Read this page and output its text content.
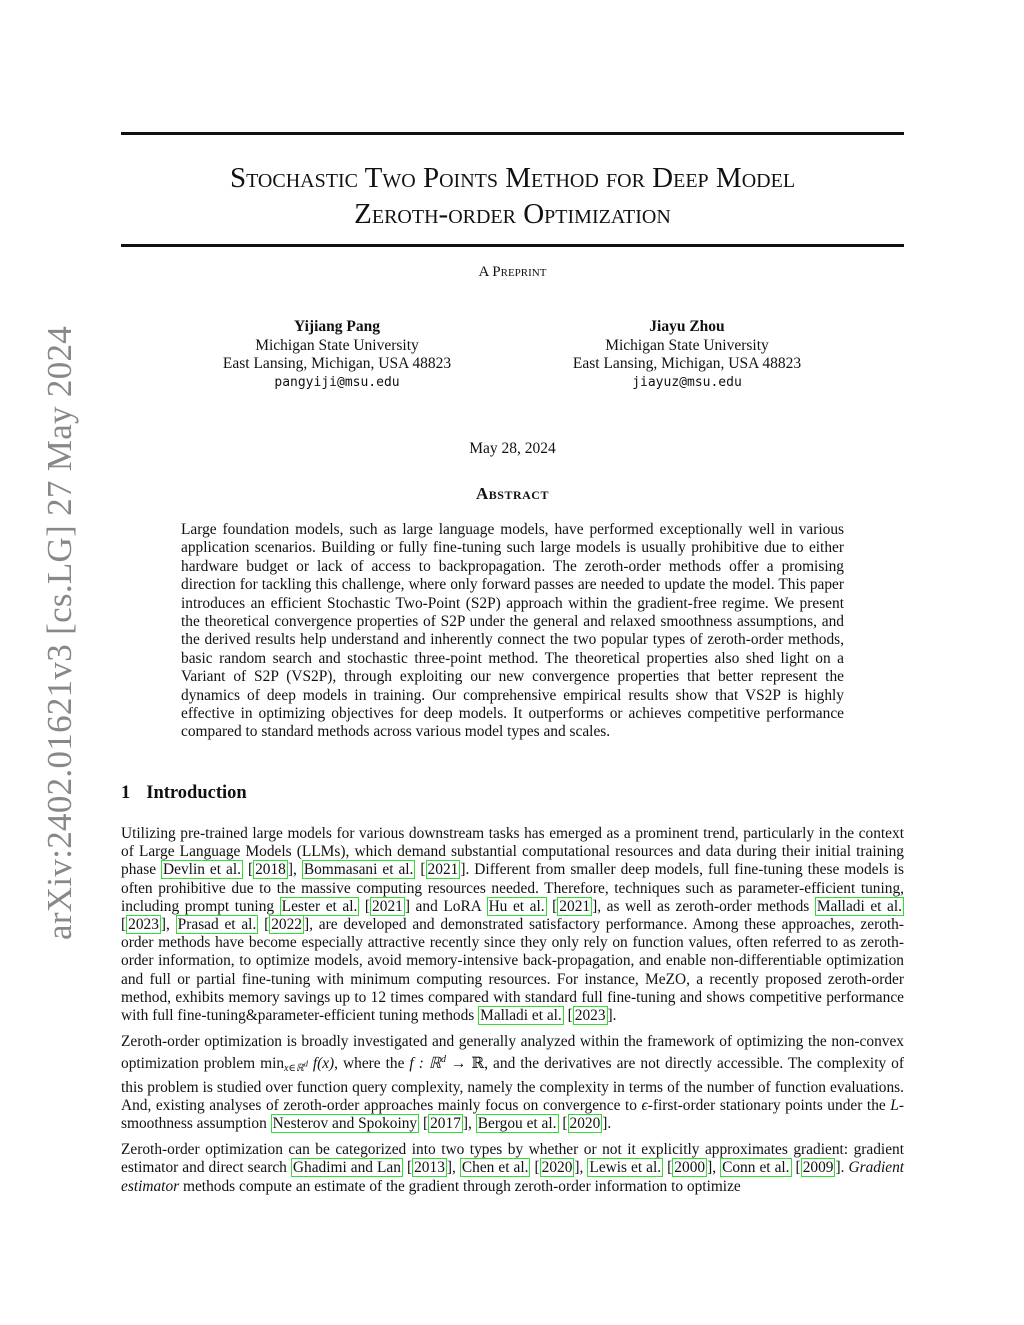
arXiv:2402.01621v3 [cs.LG] 27 May 2024
Stochastic Two Points Method for Deep Model
Zeroth-order Optimization
A Preprint
Yijiang Pang
Michigan State University
East Lansing, Michigan, USA 48823
pangyiji@msu.edu
Jiayu Zhou
Michigan State University
East Lansing, Michigan, USA 48823
jiayuz@msu.edu
May 28, 2024
Abstract
Large foundation models, such as large language models, have performed exceptionally well in various application scenarios. Building or fully fine-tuning such large models is usually prohibitive due to either hardware budget or lack of access to backpropagation. The zeroth-order methods offer a promising direction for tackling this challenge, where only forward passes are needed to update the model. This paper introduces an efficient Stochastic Two-Point (S2P) approach within the gradient-free regime. We present the theoretical convergence properties of S2P under the general and relaxed smoothness assumptions, and the derived results help understand and inherently connect the two popular types of zeroth-order methods, basic random search and stochastic three-point method. The theoretical properties also shed light on a Variant of S2P (VS2P), through exploiting our new convergence properties that better represent the dynamics of deep models in training. Our comprehensive empirical results show that VS2P is highly effective in optimizing objectives for deep models. It outperforms or achieves competitive performance compared to standard methods across various model types and scales.
1 Introduction

Utilizing pre-trained large models for various downstream tasks has emerged as a prominent trend, particularly in the context of Large Language Models (LLMs), which demand substantial computational resources and data during their initial training phase Devlin et al. [ 2018 ], Bommasani et al. [ 2021 ]. Different from smaller deep models, full fine-tuning these models is often prohibitive due to the massive computing resources needed. Therefore, techniques such as parameter-efficient tuning, including prompt tuning Lester et al. [ 2021 ] and LoRA Hu et al. [ 2021 ], as well as zeroth-order methods Malladi et al. [ 2023 ], Prasad et al. [ 2022 ], are developed and demonstrated satisfactory performance. Among these approaches, zeroth-order methods have become especially attractive recently since they only rely on function values, often referred to as zeroth-order information, to optimize models, avoid memory-intensive back-propagation, and enable non-differentiable optimization and full or partial fine-tuning with minimum computing resources. For instance, MeZO, a recently proposed zeroth-order method, exhibits memory savings up to 12 times compared with standard full fine-tuning and shows competitive performance with full fine-tuning&parameter-efficient tuning methods Malladi et al. [ 2023 ].

Zeroth-order optimization is broadly investigated and generally analyzed within the framework of optimizing the non-convex optimization problem minx∈ℝ$^d$ f(x), where the f : ℝ$^d$ → ℝ, and the derivatives are not directly accessible. The complexity of this problem is studied over function query complexity, namely the complexity in terms of the number of function evaluations. And, existing analyses of zeroth-order approaches mainly focus on convergence to ϵ-first-order stationary points under the L-smoothness assumption Nesterov and Spokoiny [ 2017 ], Bergou et al. [ 2020 ].

Zeroth-order optimization can be categorized into two types by whether or not it explicitly approximates gradient: gradient estimator and direct search Ghadimi and Lan [ 2013 ], Chen et al. [ 2020 ], Lewis et al. [ 2000 ], Conn et al. [ 2009 ]. Gradient estimator methods compute an estimate of the gradient through zeroth-order information to optimize
